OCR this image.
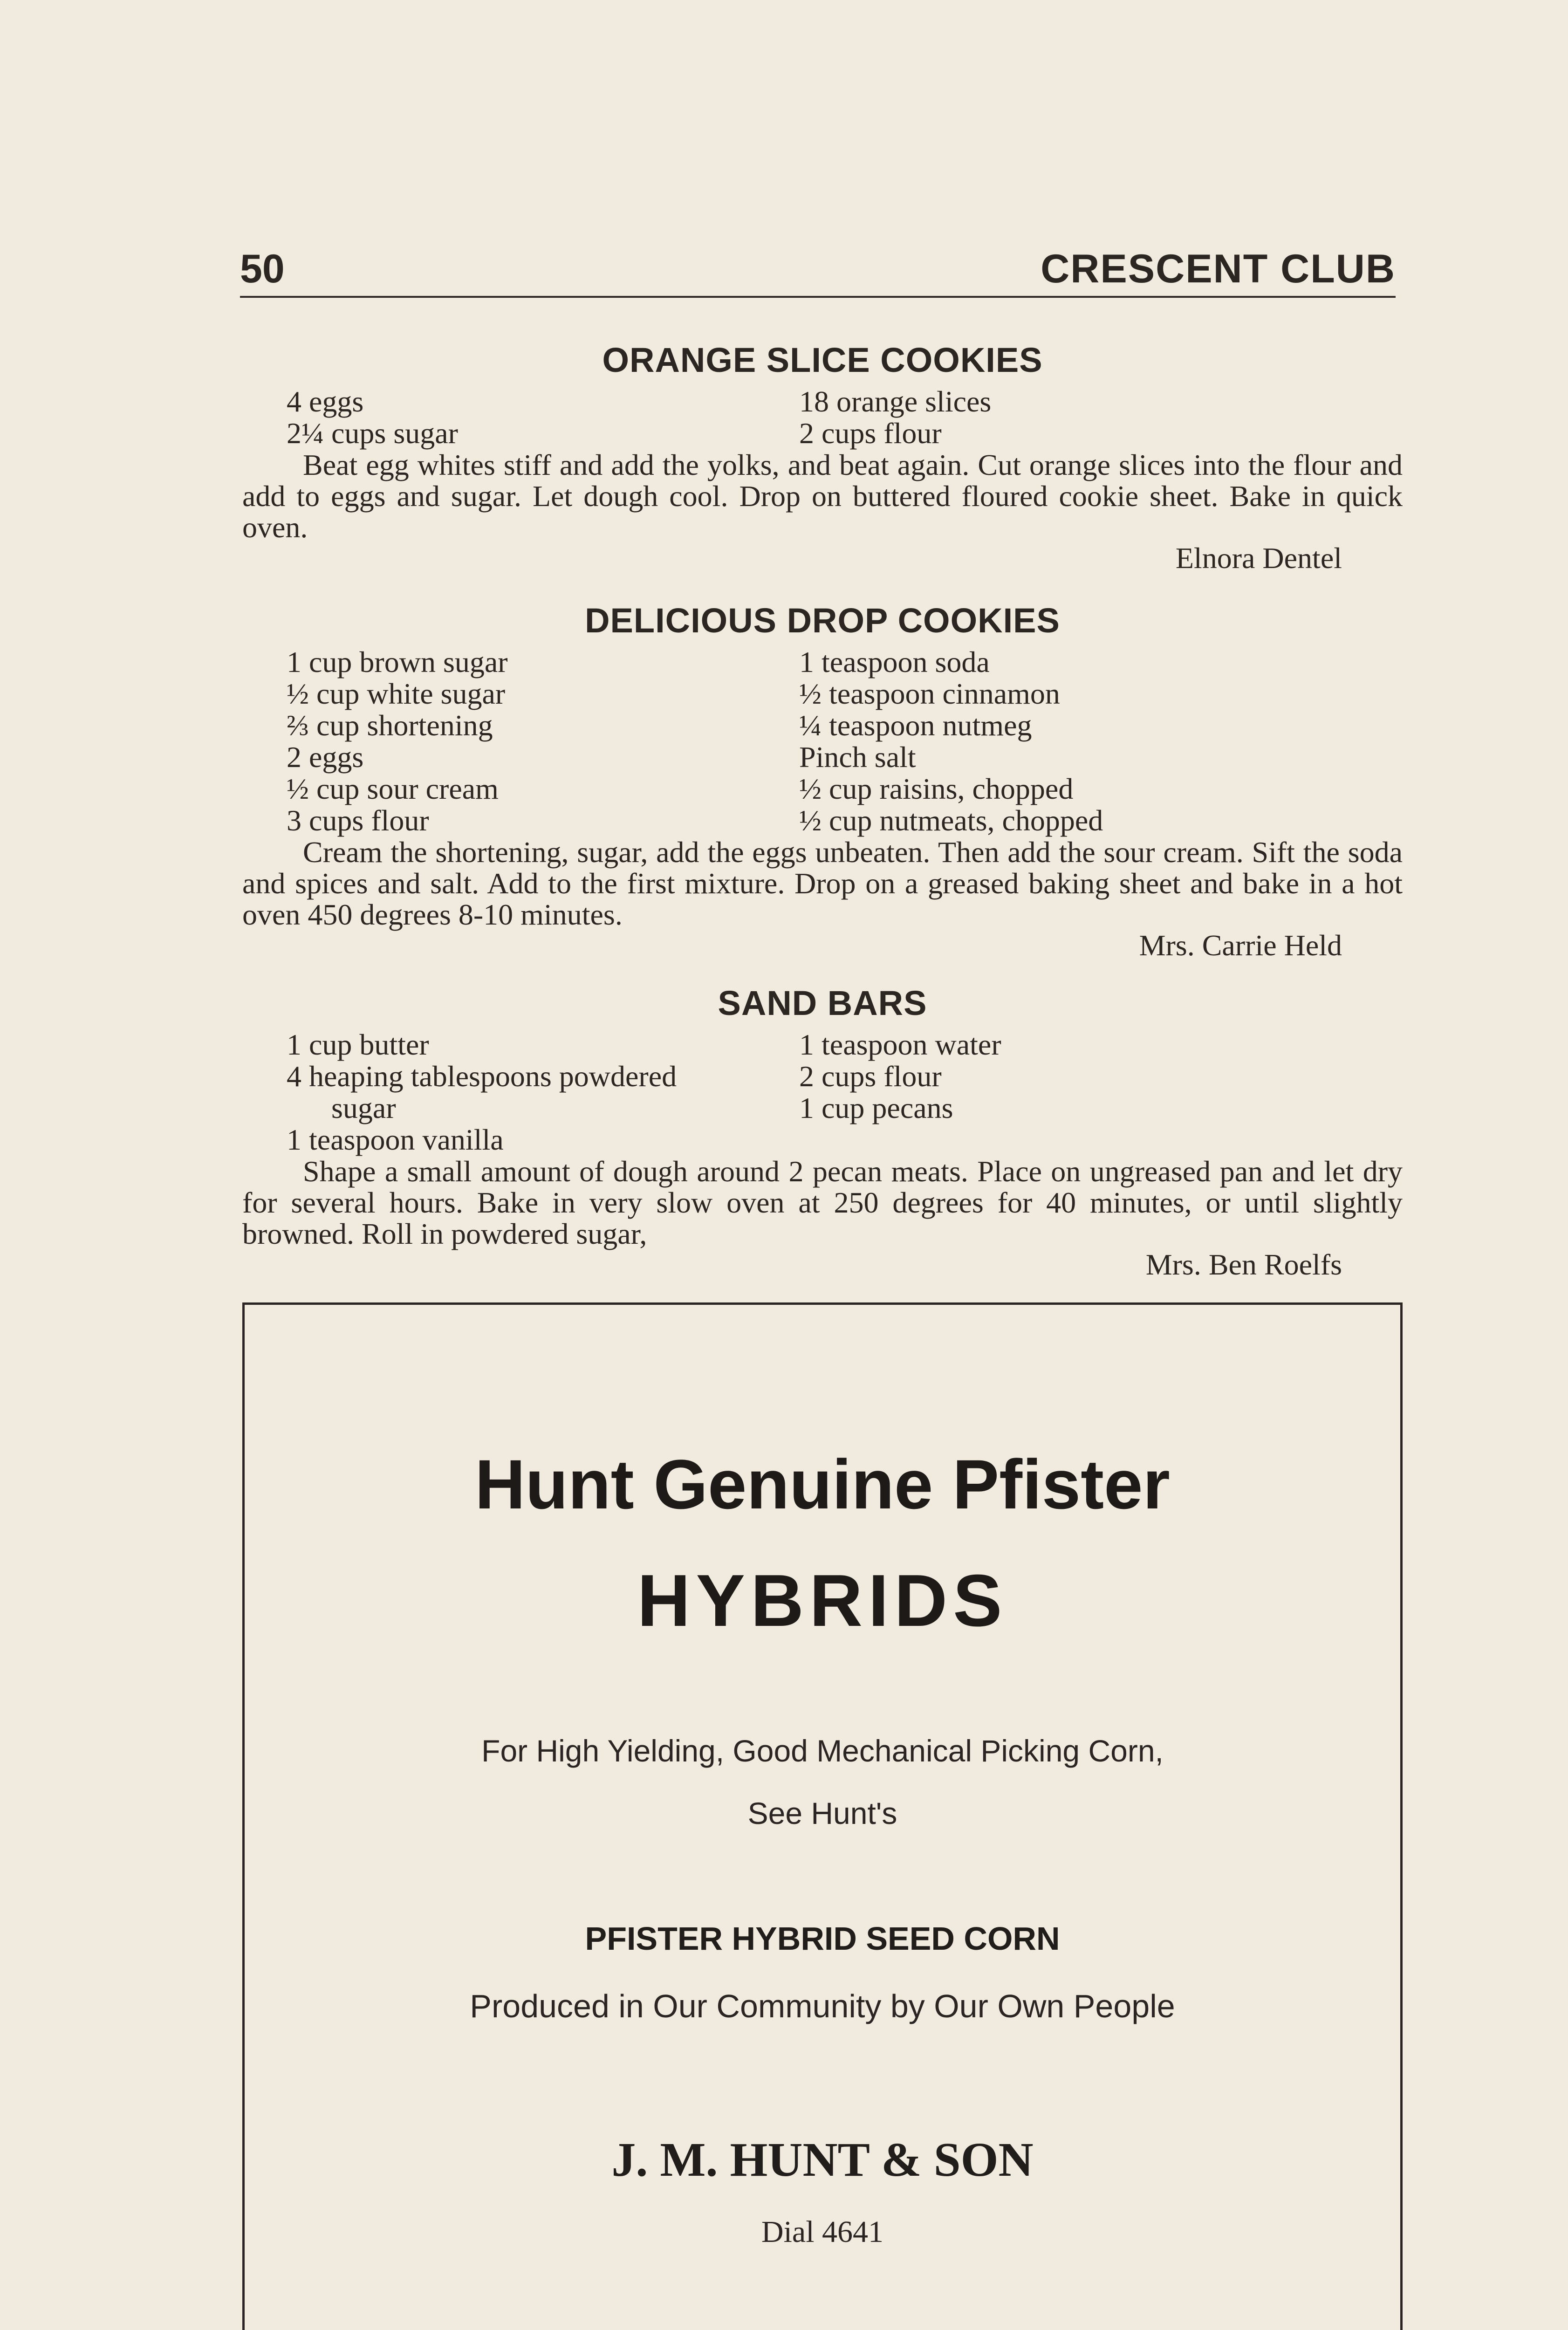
50	CRESCENT CLUB
ORANGE SLICE COOKIES
4 eggs
2¼ cups sugar
18 orange slices
2 cups flour

Beat egg whites stiff and add the yolks, and beat again. Cut orange slices into the flour and add to eggs and sugar. Let dough cool. Drop on buttered floured cookie sheet. Bake in quick oven.

Elnora Dentel
DELICIOUS DROP COOKIES
1 cup brown sugar
½ cup white sugar
⅔ cup shortening
2 eggs
½ cup sour cream
3 cups flour
1 teaspoon soda
½ teaspoon cinnamon
¼ teaspoon nutmeg
Pinch salt
½ cup raisins, chopped
½ cup nutmeats, chopped

Cream the shortening, sugar, add the eggs unbeaten. Then add the sour cream. Sift the soda and spices and salt. Add to the first mixture. Drop on a greased baking sheet and bake in a hot oven 450 degrees 8-10 minutes.

Mrs. Carrie Held
SAND BARS
1 cup butter
4 heaping tablespoons powdered
sugar
1 teaspoon vanilla
1 teaspoon water
2 cups flour
1 cup pecans

Shape a small amount of dough around 2 pecan meats. Place on ungreased pan and let dry for several hours. Bake in very slow oven at 250 degrees for 40 minutes, or until slightly browned. Roll in powdered sugar,

Mrs. Ben Roelfs
Hunt Genuine Pfister
HYBRIDS
For High Yielding, Good Mechanical Picking Corn,
See Hunt's
PFISTER HYBRID SEED CORN
Produced in Our Community by Our Own People
J. M. HUNT & SON
Dial 4641
